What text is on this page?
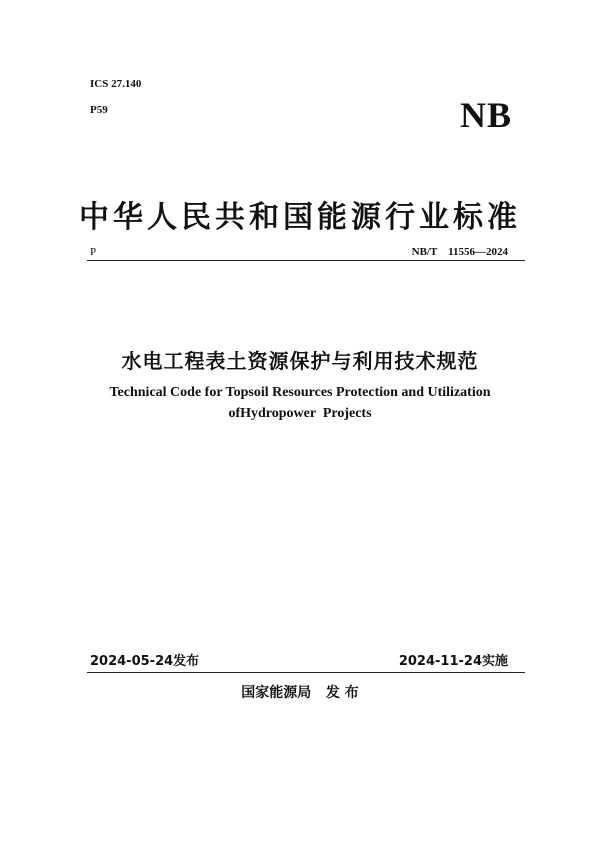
ICS 27.140
P59	NB
中华人民共和国能源行业标准
P	NB/T    11556—2024
水电工程表土资源保护与利用技术规范
Technical Code for Topsoil Resources Protection and Utilization
ofHydropower  Projects
2024-05-24发布	2024-11-24实施
国家能源局   发 布
